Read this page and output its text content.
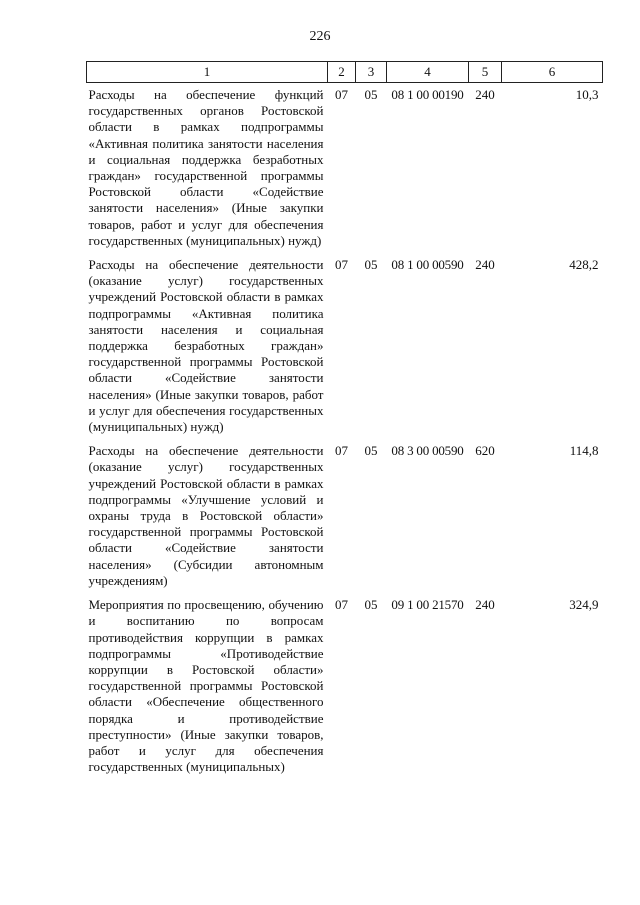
226
1	2	3	4	5	6
Расходы на обеспечение функций государственных органов Ростовской области в рамках подпрограммы «Активная политика занятости населения и социальная поддержка безработных граждан» государственной программы Ростовской области «Содействие занятости населения» (Иные закупки товаров, работ и услуг для обеспечения государственных (муниципальных) нужд)	07	05	08 1 00 00190	240	10,3
Расходы на обеспечение деятельности (оказание услуг) государственных учреждений Ростовской области в рамках подпрограммы «Активная политика занятости населения и социальная поддержка безработных граждан» государственной программы Ростовской области «Содействие занятости населения» (Иные закупки товаров, работ и услуг для обеспечения государственных (муниципальных) нужд)	07	05	08 1 00 00590	240	428,2
Расходы на обеспечение деятельности (оказание услуг) государственных учреждений Ростовской области в рамках подпрограммы «Улучшение условий и охраны труда в Ростовской области» государственной программы Ростовской области «Содействие занятости населения» (Субсидии автономным учреждениям)	07	05	08 3 00 00590	620	114,8
Мероприятия по просвещению, обучению и воспитанию по вопросам противодействия коррупции в рамках подпрограммы «Противодействие коррупции в Ростовской области» государственной программы Ростовской области «Обеспечение общественного порядка и противодействие преступности» (Иные закупки товаров, работ и услуг для обеспечения государственных (муниципальных)	07	05	09 1 00 21570	240	324,9
